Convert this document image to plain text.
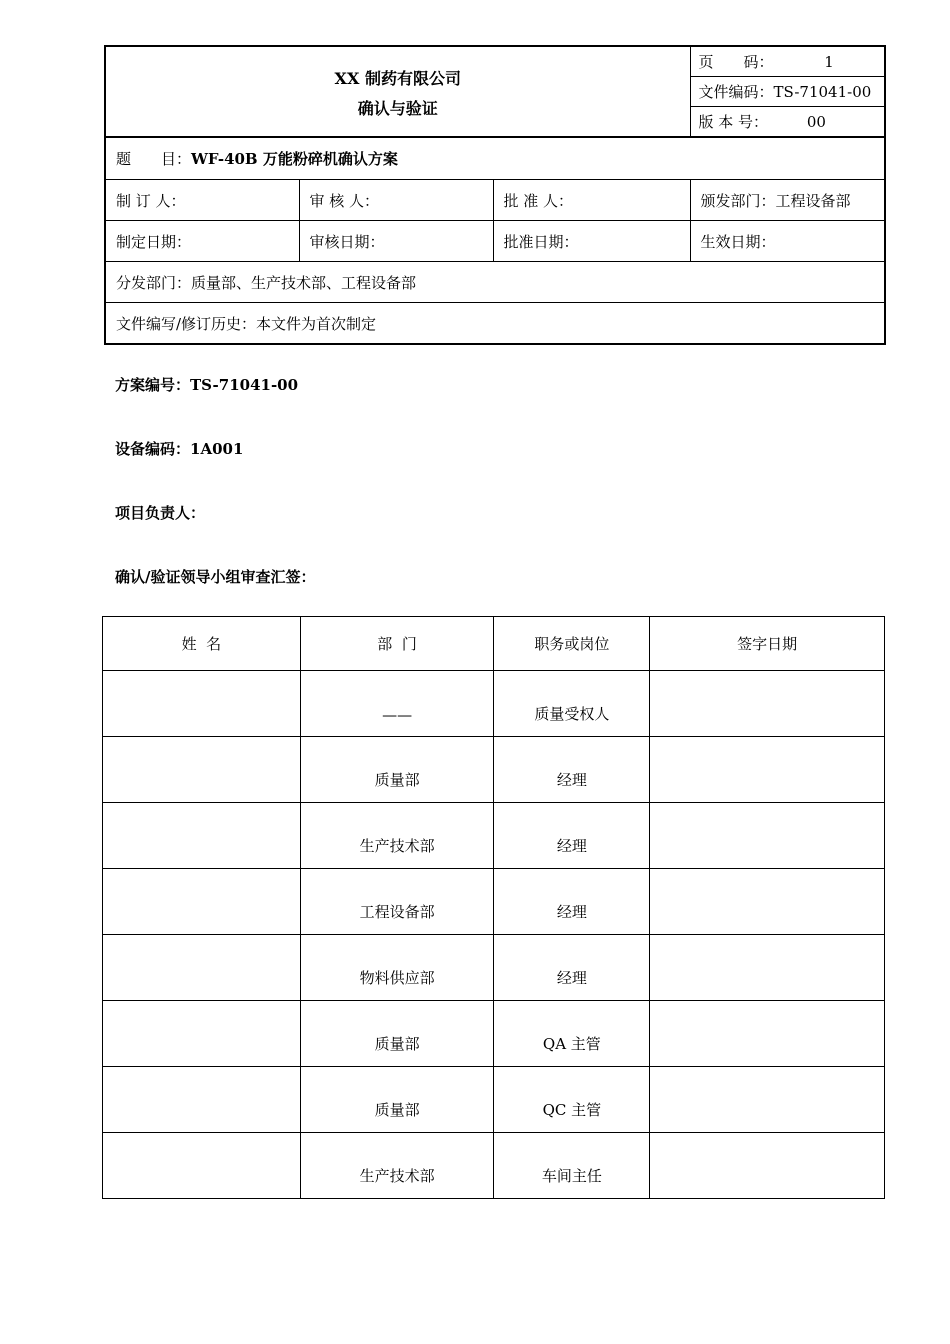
XX 制药有限公司
确认与验证			页　　码： 1
			文件编码：TS-71041-00
			版 本 号： 00
题　　目：WF-40B 万能粉碎机确认方案			
制 订 人：	审 核 人：	批 准 人：	颁发部门：工程设备部
制定日期：	审核日期：	批准日期：	生效日期：
分发部门：质量部、生产技术部、工程设备部			
文件编写/修订历史：本文件为首次制定			
方案编号：TS-71041-00
设备编码：1A001
项目负责人：
确认/验证领导小组审查汇签：
姓  名	部  门	职务或岗位	签字日期
	——	质量受权人	
	质量部	经理	
	生产技术部	经理	
	工程设备部	经理	
	物料供应部	经理	
	质量部	QA 主管	
	质量部	QC 主管	
	生产技术部	车间主任	
